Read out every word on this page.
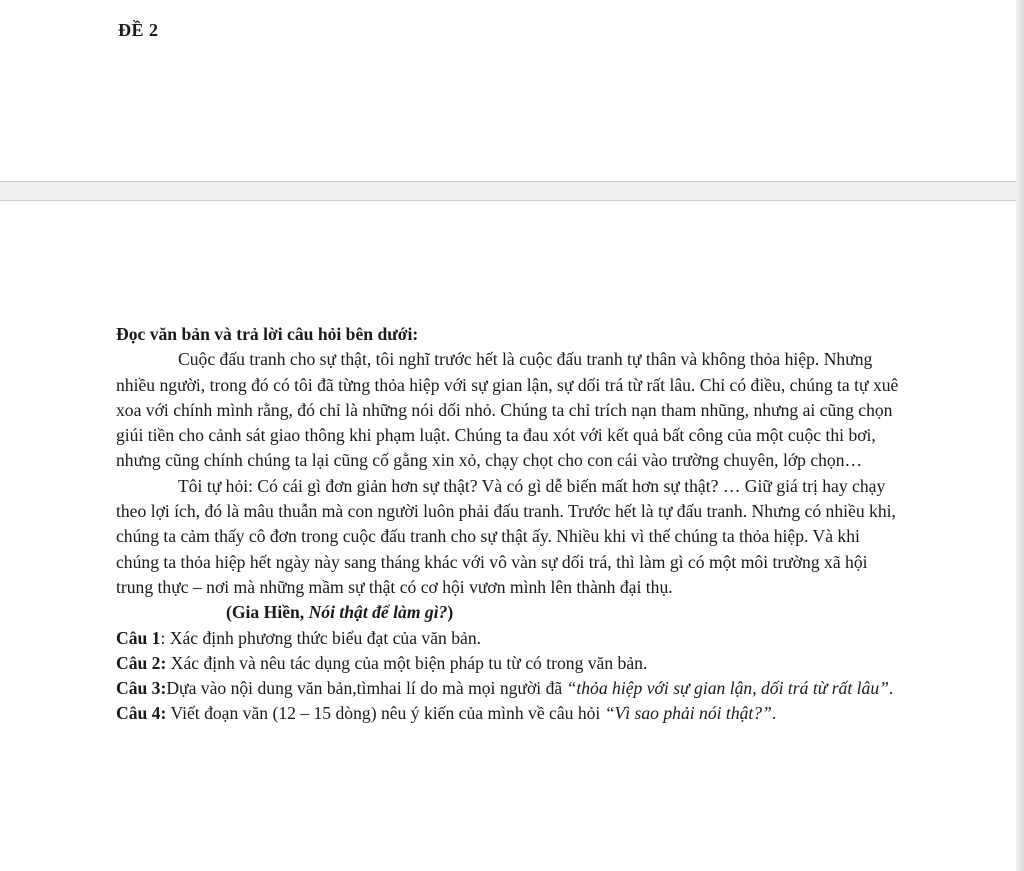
ĐỀ 2

Đọc văn bản và trả lời câu hỏi bên dưới:

Cuộc đấu tranh cho sự thật, tôi nghĩ trước hết là cuộc đấu tranh tự thân và không thỏa hiệp. Nhưng nhiều người, trong đó có tôi đã từng thỏa hiệp với sự gian lận, sự dối trá từ rất lâu. Chỉ có điều, chúng ta tự xuê xoa với chính mình rằng, đó chỉ là những nói dối nhỏ. Chúng ta chỉ trích nạn tham nhũng, nhưng ai cũng chọn giúi tiền cho cảnh sát giao thông khi phạm luật. Chúng ta đau xót với kết quả bất công của một cuộc thi bơi, nhưng cũng chính chúng ta lại cũng cố gằng xin xỏ, chạy chọt cho con cái vào trường chuyên, lớp chọn…

Tôi tự hỏi: Có cái gì đơn giản hơn sự thật? Và có gì dễ biến mất hơn sự thật? … Giữ giá trị hay chạy theo lợi ích, đó là mâu thuẫn mà con người luôn phải đấu tranh. Trước hết là tự đấu tranh. Nhưng có nhiều khi, chúng ta cảm thấy cô đơn trong cuộc đấu tranh cho sự thật ấy. Nhiều khi vì thế chúng ta thỏa hiệp. Và khi chúng ta thỏa hiệp hết ngày này sang tháng khác với vô vàn sự dối trá, thì làm gì có một môi trường xã hội trung thực – nơi mà những mầm sự thật có cơ hội vươn mình lên thành đại thụ.

(Gia Hiền, Nói thật để làm gì?)

Câu 1: Xác định phương thức biểu đạt của văn bản.

Câu 2: Xác định và nêu tác dụng của một biện pháp tu từ có trong văn bản.

Câu 3:Dựa vào nội dung văn bản,tìmhai lí do mà mọi người đã “thỏa hiệp với sự gian lận, dối trá từ rất lâu”.

Câu 4: Viết đoạn văn (12 – 15 dòng) nêu ý kiến của mình về câu hỏi “Vì sao phải nói thật?”.
